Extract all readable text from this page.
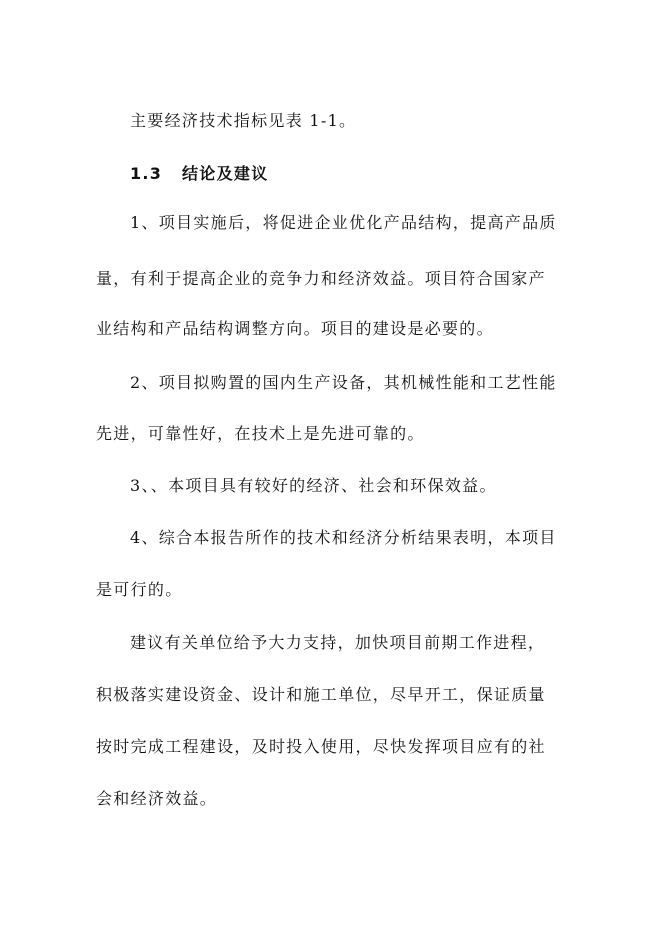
主要经济技术指标见表 1-1。
1.3 结论及建议
1、项目实施后，将促进企业优化产品结构，提高产品质
量，有利于提高企业的竞争力和经济效益。项目符合国家产
业结构和产品结构调整方向。项目的建设是必要的。
2、项目拟购置的国内生产设备，其机械性能和工艺性能
先进，可靠性好，在技术上是先进可靠的。
3、、本项目具有较好的经济、社会和环保效益。
4、综合本报告所作的技术和经济分析结果表明，本项目
是可行的。
建议有关单位给予大力支持，加快项目前期工作进程，
积极落实建设资金、设计和施工单位，尽早开工，保证质量
按时完成工程建设，及时投入使用，尽快发挥项目应有的社
会和经济效益。
